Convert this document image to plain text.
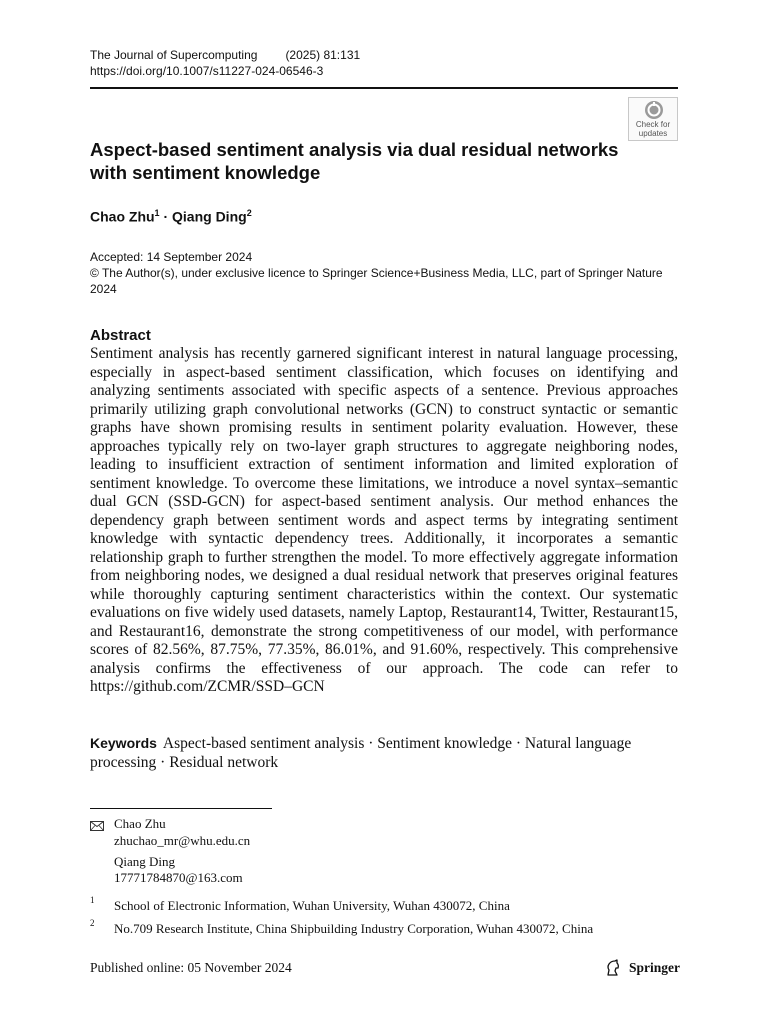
The Journal of Supercomputing (2025) 81:131
https://doi.org/10.1007/s11227-024-06546-3
Check for
updates
Aspect-based sentiment analysis via dual residual networks with sentiment knowledge
Chao Zhu$^1$ · Qiang Ding$^2$
Accepted: 14 September 2024
© The Author(s), under exclusive licence to Springer Science+Business Media, LLC, part of Springer Nature 2024
Abstract

Sentiment analysis has recently garnered significant interest in natural language processing, especially in aspect-based sentiment classification, which focuses on identifying and analyzing sentiments associated with specific aspects of a sentence. Previous approaches primarily utilizing graph convolutional networks (GCN) to construct syntactic or semantic graphs have shown promising results in sentiment polarity evaluation. However, these approaches typically rely on two-layer graph structures to aggregate neighboring nodes, leading to insufficient extraction of sentiment information and limited exploration of sentiment knowledge. To overcome these limitations, we introduce a novel syntax–semantic dual GCN (SSD-GCN) for aspect-based sentiment analysis. Our method enhances the dependency graph between sentiment words and aspect terms by integrating sentiment knowledge with syntactic dependency trees. Additionally, it incorporates a semantic relationship graph to further strengthen the model. To more effectively aggregate information from neighboring nodes, we designed a dual residual network that preserves original features while thoroughly capturing sentiment characteristics within the context. Our systematic evaluations on five widely used datasets, namely Laptop, Restaurant14, Twitter, Restaurant15, and Restaurant16, demonstrate the strong competitiveness of our model, with performance scores of 82.56%, 87.75%, 77.35%, 86.01%, and 91.60%, respectively. This comprehensive analysis confirms the effectiveness of our approach. The code can refer to https://github.com/ZCMR/SSD–GCN

Keywords Aspect-based sentiment analysis · Sentiment knowledge · Natural language processing · Residual network
Chao Zhu
zhuchao_mr@whu.edu.cn
Qiang Ding
17771784870@163.com
1 School of Electronic Information, Wuhan University, Wuhan 430072, China
2 No.709 Research Institute, China Shipbuilding Industry Corporation, Wuhan 430072, China
Published online: 05 November 2024	Springer
